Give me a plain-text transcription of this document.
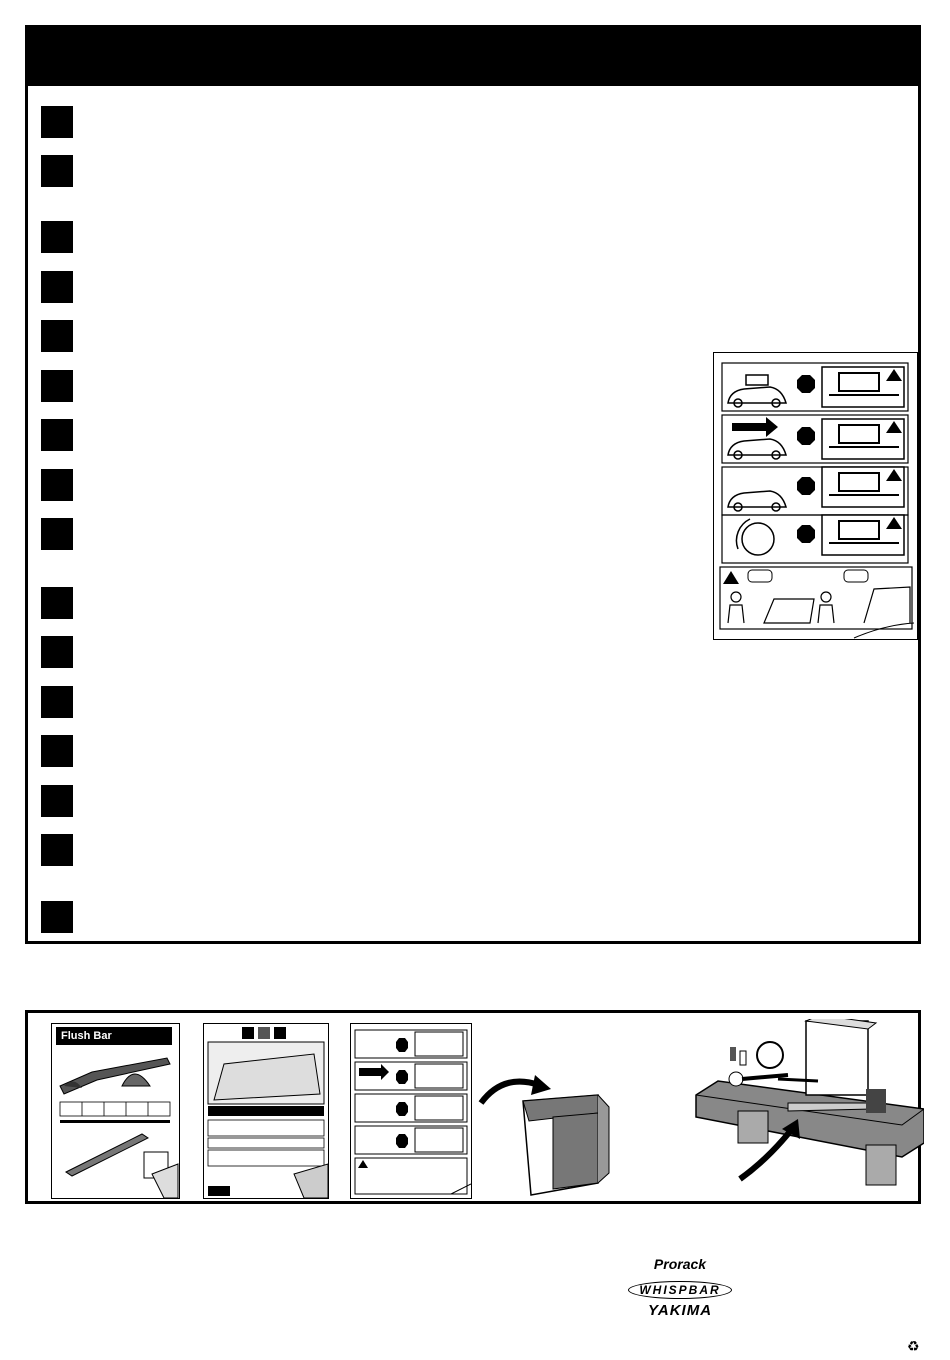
Flush Bar
Prorack
WHISPBAR
YAKIMA
♻
